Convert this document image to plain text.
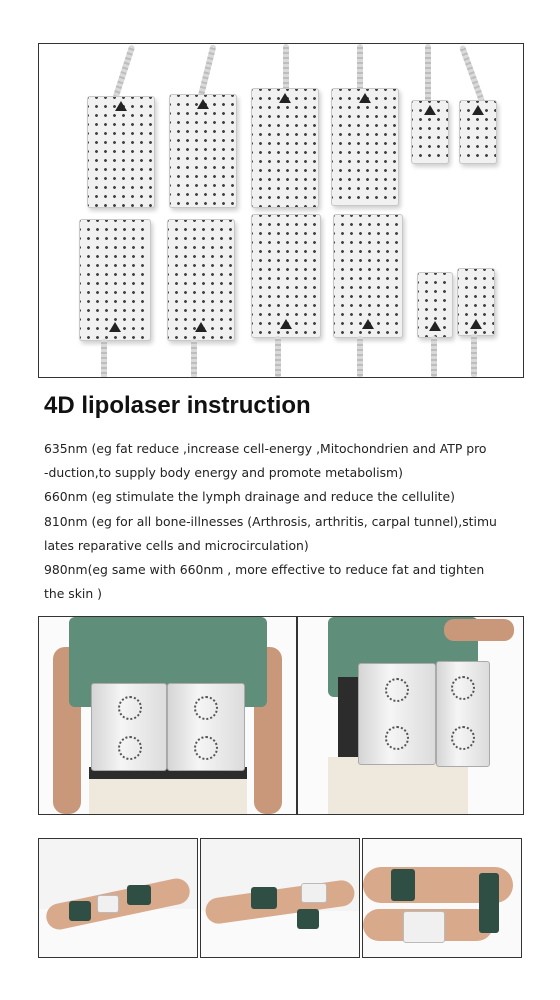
4D lipolaser instruction

635nm (eg fat reduce ,increase cell-energy ,Mitochondrien and ATP pro

-duction,to supply body energy and promote metabolism)

660nm (eg stimulate the lymph drainage and reduce the cellulite)

810nm (eg for all bone-illnesses (Arthrosis, arthritis, carpal tunnel),stimu

lates reparative cells and microcirculation)

980nm(eg same with 660nm , more effective to reduce fat and tighten

the skin )
